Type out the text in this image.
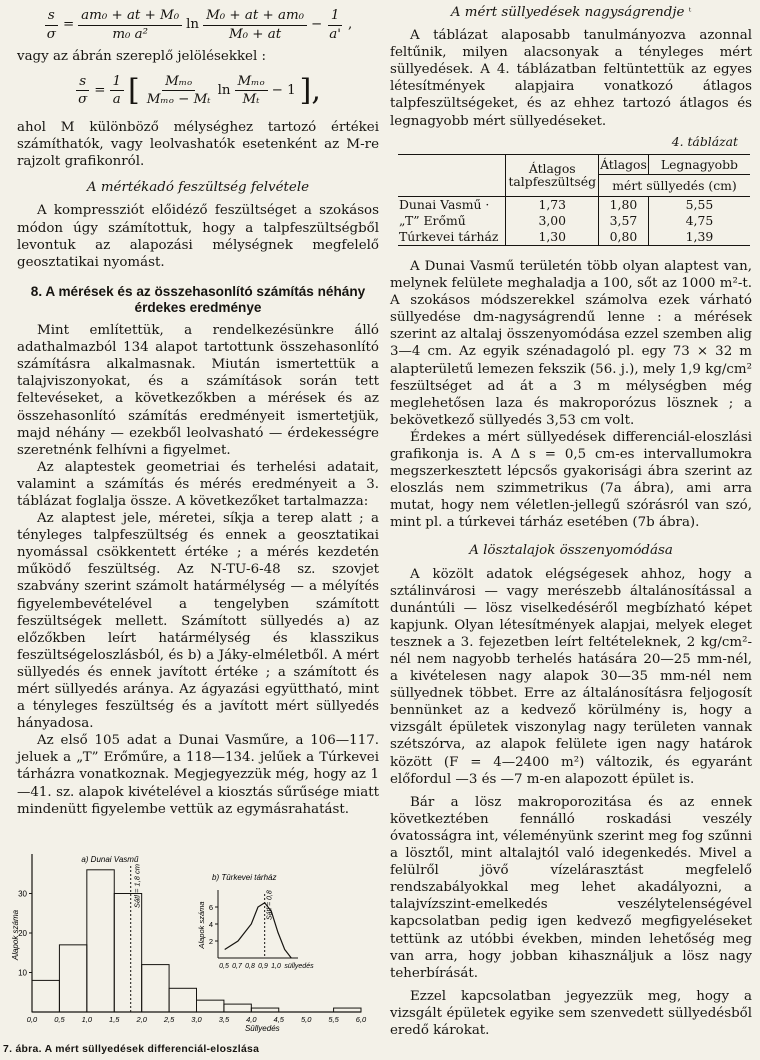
$\frac{s}{\sigma} = \frac{\text{am₀ + at + M₀}}{\text{m₀ a²}}$ $\ln \frac{\text{M₀ + at + am₀}}{\text{M₀ + at}} - \frac{1}{a'}$ ,

vagy az ábrán szereplő jelölésekkel :

$\frac{s}{\sigma} = \frac{1}{a}$ [ $\frac{\text{Mₘₒ}}{\text{Mₘₒ − Mₜ}}$ $\ln \frac{\text{Mₘₒ}}{\text{Mₜ}} - 1$ ],

ahol M különböző mélységhez tartozó értékei számíthatók, vagy leolvashatók esetenként az M-re rajzolt grafikonról.

A mértékadó feszültség felvétele

A kompressziót előidéző feszültséget a szokásos módon úgy számítottuk, hogy a talpfeszültségből levontuk az alapozási mélységnek megfelelő geosztatikai nyomást.

8. A mérések és az összehasonlító számítás néhány érdekes eredménye

Mint említettük, a rendelkezésünkre álló adathalmazból 134 alapot tartottunk összehasonlító számításra alkalmasnak. Miután ismertettük a talajviszonyokat, és a számítások során tett feltevéseket, a következőkben a mérések és az összehasonlító számítás eredményeit ismertetjük, majd néhány — ezekből leolvasható — érdekességre szeretnénk felhívni a figyelmet.

Az alaptestek geometriai és terhelési adatait, valamint a számítás és mérés eredményeit a 3. táblázat foglalja össze. A következőket tartalmazza:

Az alaptest jele, méretei, síkja a terep alatt ; a tényleges talpfeszültség és ennek a geosztatikai nyomással csökkentett értéke ; a mérés kezdetén működő feszültség. Az N-TU-6-48 sz. szovjet szabvány szerint számolt határmélység — a mélyítés figyelembevételével a tengelyben számított feszültségek mellett. Számított süllyedés a) az előzőkben leírt határmélység és klasszikus feszültségeloszlásból, és b) a Jáky-elméletből. A mért süllyedés és ennek javított értéke ; a számított és mért süllyedés aránya. Az ágyazási együttható, mint a tényleges feszültség és a javított mért süllyedés hányadosa.

Az első 105 adat a Dunai Vasműre, a 106—117. jeluek a „T” Erőműre, a 118—134. jelűek a Túrkevei tárházra vonatkoznak. Megjegyezzük még, hogy az 1—41. sz. alapok kivételével a kiosztás sűrűsége miatt mindenütt figyelembe vettük az egymásrahatást.

10
20
30
0,0 0,5 1,0 1,5 2,0 2,5 3,0 3,5 4,0 4,5 5,0 5,5 6,0
Süllyedés
Alapok száma
a) Dunai Vasmű
Sátl = 1,8 cm
2
4
6
0,5 0,7 0,8 0,9 1,0 süllyedés
Alapok száma
b) Türkevei tárház
Sátl = 0,8
7. ábra. A mért süllyedések differenciál-eloszlása

A mért süllyedések nagyságrendje $^ᵗ$

A táblázat alaposabb tanulmányozva azonnal feltűnik, milyen alacsonyak a tényleges mért süllyedések. A 4. táblázatban feltüntettük az egyes létesítmények alapjaira vonatkozó átlagos talpfeszültségeket, és az ehhez tartozó átlagos és legnagyobb mért süllyedéseket.

4. táblázat
	Átlagos talpfeszültség	Átlagos	Legnagyobb
		mért süllyedés (cm)	
Dunai Vasmű ·	1,73	1,80	5,55
„T” Erőmű	3,00	3,57	4,75
Túrkevei tárház	1,30	0,80	1,39

A Dunai Vasmű területén több olyan alaptest van, melynek felülete meghaladja a 100, sőt az 1000 m²-t. A szokásos módszerekkel számolva ezek várható süllyedése dm-nagyságrendű lenne : a mérések szerint az altalaj összenyomódása ezzel szemben alig 3—4 cm. Az egyik szénadagoló pl. egy 73 × 32 m alapterületű lemezen fekszik (56. j.), mely 1,9 kg/cm² feszültséget ad át a 3 m mélységben még meglehetősen laza és makroporózus lösznek ; a bekövetkező süllyedés 3,53 cm volt.

Érdekes a mért süllyedések differenciál-eloszlási grafikonja is. A Δ s = 0,5 cm-es intervallumokra megszerkesztett lépcsős gyakorisági ábra szerint az eloszlás nem szimmetrikus (7a ábra), ami arra mutat, hogy nem véletlen-jellegű szórásról van szó, mint pl. a túrkevei tárház esetében (7b ábra).

A lösztalajok összenyomódása

A közölt adatok elégségesek ahhoz, hogy a sztálinvárosi — vagy merészebb általánosítással a dunántúli — lösz viselkedéséről megbízható képet kapjunk. Olyan létesítmények alapjai, melyek eleget tesznek a 3. fejezetben leírt feltételeknek, 2 kg/cm²-nél nem nagyobb terhelés hatására 20—25 mm-nél, a kivételesen nagy alapok 30—35 mm-nél nem süllyednek többet. Erre az általánosításra feljogosít bennünket az a kedvező körülmény is, hogy a vizsgált épületek viszonylag nagy területen vannak szétszórva, az alapok felülete igen nagy határok között (F = 4—2400 m²) változik, és egyaránt előfordul —3 és —7 m-en alapozott épület is.

Bár a lösz makroporozitása és az ennek következtében fennálló roskadási veszély óvatosságra int, véleményünk szerint meg fog szűnni a lösztől, mint altalajtól való idegenkedés. Mivel a felülről jövő vízelárasztást megfelelő rendszabályokkal meg lehet akadályozni, a talajvízszint-emelkedés veszélytelenségével kapcsolatban pedig igen kedvező megfigyeléseket tettünk az utóbbi években, minden lehetőség meg van arra, hogy jobban kihasználjuk a lösz nagy teherbírását.

Ezzel kapcsolatban jegyezzük meg, hogy a vizsgált épületek egyike sem szenvedett süllyedésből eredő károkat.
